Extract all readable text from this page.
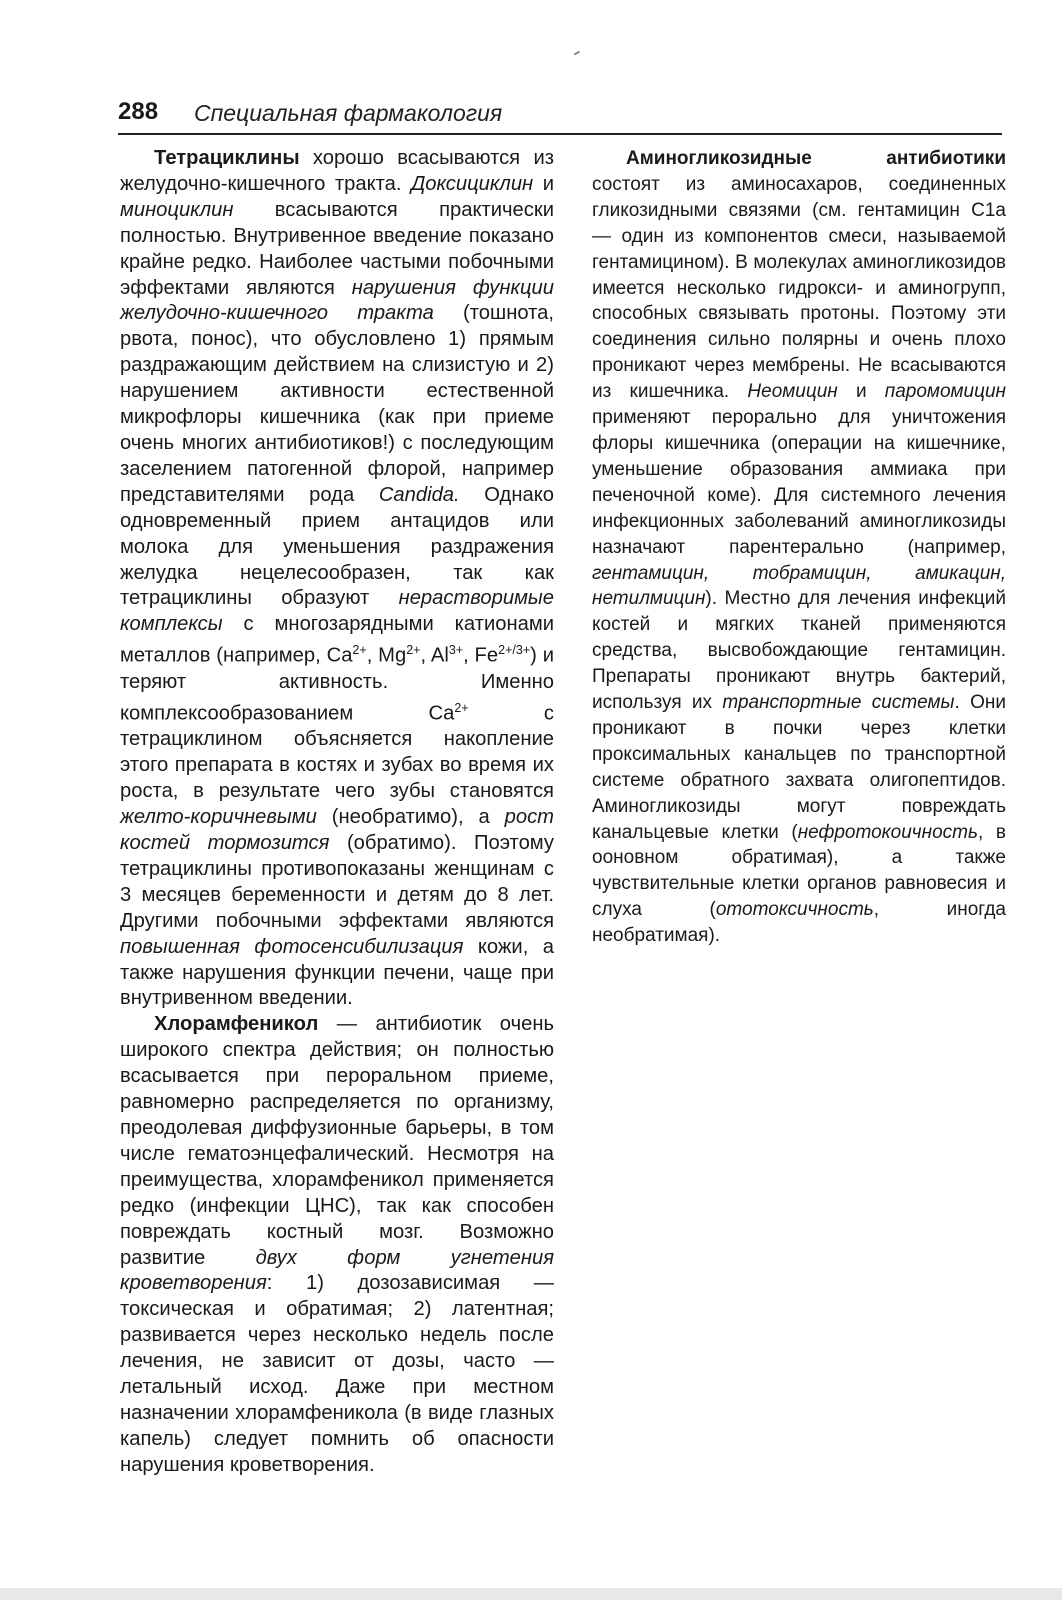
288 Специальная фармакология

Тетрациклины хорошо всасываются из желудочно-кишечного тракта. Доксициклин и миноциклин всасываются практически полностью. Внутривенное введение показано крайне редко. Наиболее частыми побочными эффектами являются нарушения функции желудочно-кишечного тракта (тошнота, рвота, понос), что обусловлено 1) прямым раздражающим действием на слизистую и 2) нарушением активности естественной микрофлоры кишечника (как при приеме очень многих антибиотиков!) с последующим заселением патогенной флорой, например представителями рода Candida. Однако одновременный прием антацидов или молока для уменьшения раздражения желудка нецелесообразен, так как тетрациклины образуют нерастворимые комплексы с многозарядными катионами металлов (например, $Ca^{2+}$, $Mg^{2+}$, $Al^{3+}$, $Fe^{2+/3+}$) и теряют активность. Именно комплексообразованием $Ca^{2+}$ с тетрациклином объясняется накопление этого препарата в костях и зубах во время их роста, в результате чего зубы становятся желто-коричневыми (необратимо), а рост костей тормозится (обратимо). Поэтому тетрациклины противопоказаны женщинам с 3 месяцев беременности и детям до 8 лет. Другими побочными эффектами являются повышенная фотосенсибилизация кожи, а также нарушения функции печени, чаще при внутривенном введении.

Хлорамфеникол — антибиотик очень широкого спектра действия; он полностью всасывается при пероральном приеме, равномерно распределяется по организму, преодолевая диффузионные барьеры, в том числе гематоэнцефалический. Несмотря на преимущества, хлорамфеникол применяется редко (инфекции ЦНС), так как способен повреждать костный мозг. Возможно развитие двух форм угнетения кроветворения: 1) дозозависимая — токсическая и обратимая; 2) латентная; развивается через несколько недель после лечения, не зависит от дозы, часто — летальный исход. Даже при местном назначении хлорамфеникола (в виде глазных капель) следует помнить об опасности нарушения кроветворения.

Аминогликозидные антибиотики состоят из аминосахаров, соединенных гликозидными связями (см. гентамицин C1a — один из компонентов смеси, называемой гентамицином). В молекулах аминогликозидов имеется несколько гидрокси- и аминогрупп, способных связывать протоны. Поэтому эти соединения сильно полярны и очень плохо проникают через мембрены. Не всасываются из кишечника. Неомицин и паромомицин применяют перорально для уничтожения флоры кишечника (операции на кишечнике, уменьшение образования аммиака при печеночной коме). Для системного лечения инфекционных заболеваний аминогликозиды назначают парентерально (например, гентамицин, тобрамицин, амикацин, нетилмицин). Местно для лечения инфекций костей и мягких тканей применяются средства, высвобождающие гентамицин. Препараты проникают внутрь бактерий, используя их транспортные системы. Они проникают в почки через клетки проксимальных канальцев по транспортной системе обратного захвата олигопептидов. Аминогликозиды могут повреждать канальцевые клетки (нефротокоичность, в ооновном обратимая), а также чувствительные клетки органов равновесия и слуха (ототоксичность, иногда необратимая).
